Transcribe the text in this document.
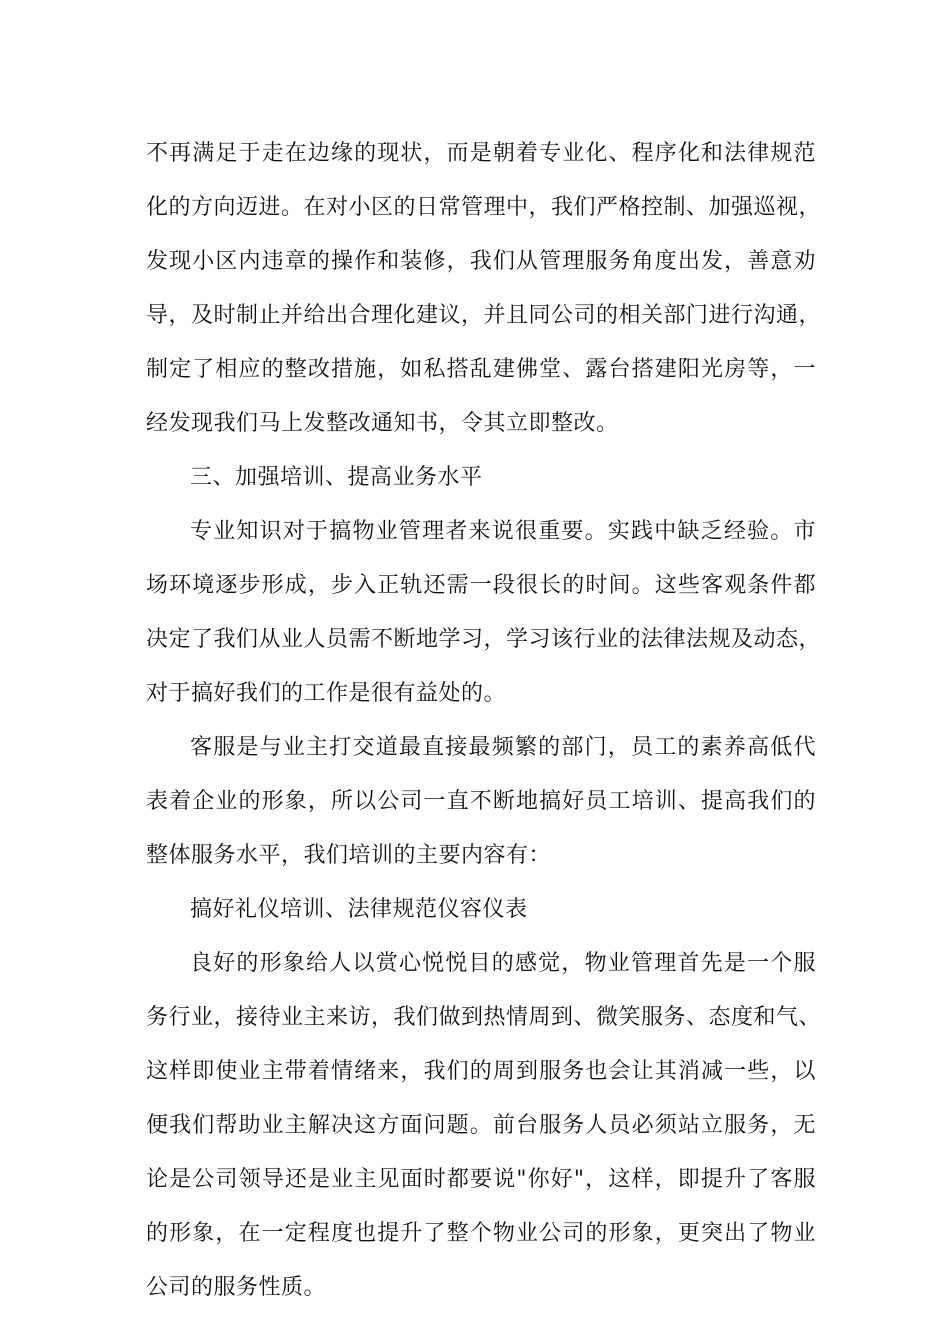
不再满足于走在边缘的现状，而是朝着专业化、程序化和法律规范
化的方向迈进。在对小区的日常管理中，我们严格控制、加强巡视，
发现小区内违章的操作和装修，我们从管理服务角度出发，善意劝
导，及时制止并给出合理化建议，并且同公司的相关部门进行沟通，
制定了相应的整改措施，如私搭乱建佛堂、露台搭建阳光房等，一
经发现我们马上发整改通知书，令其立即整改。
三、加强培训、提高业务水平
专业知识对于搞物业管理者来说很重要。实践中缺乏经验。市
场环境逐步形成，步入正轨还需一段很长的时间。这些客观条件都
决定了我们从业人员需不断地学习，学习该行业的法律法规及动态，
对于搞好我们的工作是很有益处的。
客服是与业主打交道最直接最频繁的部门，员工的素养高低代
表着企业的形象，所以公司一直不断地搞好员工培训、提高我们的
整体服务水平，我们培训的主要内容有：
搞好礼仪培训、法律规范仪容仪表
良好的形象给人以赏心悦悦目的感觉，物业管理首先是一个服
务行业，接待业主来访，我们做到热情周到、微笑服务、态度和气、
这样即使业主带着情绪来，我们的周到服务也会让其消减一些，以
便我们帮助业主解决这方面问题。前台服务人员必须站立服务，无
论是公司领导还是业主见面时都要说"你好"，这样，即提升了客服
的形象，在一定程度也提升了整个物业公司的形象，更突出了物业
公司的服务性质。
